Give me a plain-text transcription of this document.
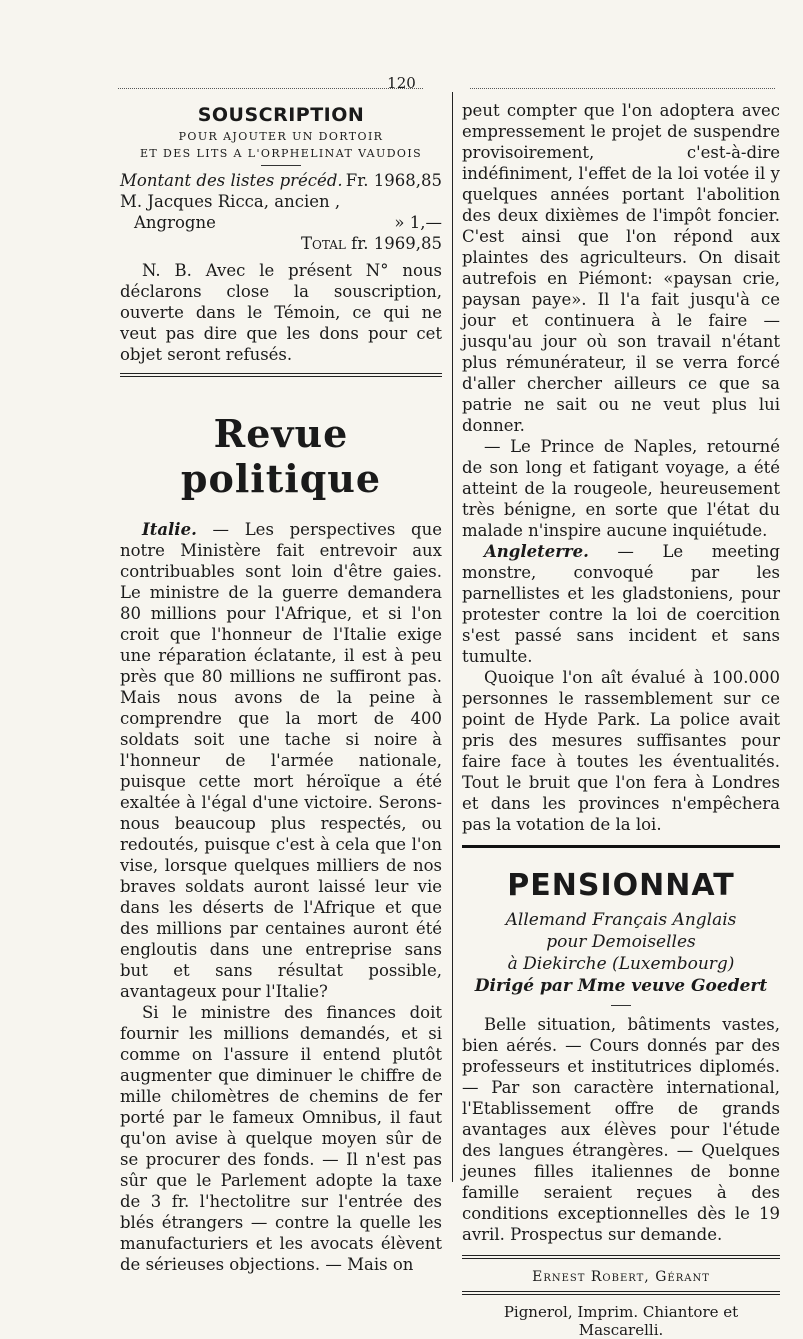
120
SOUSCRIPTION
POUR AJOUTER UN DORTOIR
ET DES LITS A L'ORPHELINAT VAUDOIS
Montant des listes précéd. Fr. 1968,85
M. Jacques Ricca, ancien ,
Angrogne	» 1,—
Total fr. 1969,85

N. B. Avec le présent N° nous déclarons close la souscription, ouverte dans le Témoin, ce qui ne veut pas dire que les dons pour cet objet seront refusés.

Revue politique

Italie. — Les perspectives que notre Ministère fait entrevoir aux contribuables sont loin d'être gaies. Le ministre de la guerre demandera 80 millions pour l'Afrique, et si l'on croit que l'honneur de l'Italie exige une réparation éclatante, il est à peu près que 80 millions ne suffiront pas. Mais nous avons de la peine à comprendre que la mort de 400 soldats soit une tache si noire à l'honneur de l'armée nationale, puisque cette mort héroïque a été exaltée à l'égal d'une victoire. Serons-nous beaucoup plus respectés, ou redoutés, puisque c'est à cela que l'on vise, lorsque quelques milliers de nos braves soldats auront laissé leur vie dans les déserts de l'Afrique et que des millions par centaines auront été engloutis dans une entreprise sans but et sans résultat possible, avantageux pour l'Italie?

Si le ministre des finances doit fournir les millions demandés, et si comme on l'assure il entend plutôt augmenter que diminuer le chiffre de mille chilomètres de chemins de fer porté par le fameux Omnibus, il faut qu'on avise à quelque moyen sûr de se procurer des fonds. — Il n'est pas sûr que le Parlement adopte la taxe de 3 fr. l'hectolitre sur l'entrée des blés étrangers — contre la quelle les manufacturiers et les avocats élèvent de sérieuses objections. — Mais on

peut compter que l'on adoptera avec empressement le projet de suspendre provisoirement, c'est-à-dire indéfiniment, l'effet de la loi votée il y quelques années portant l'abolition des deux dixièmes de l'impôt foncier. C'est ainsi que l'on répond aux plaintes des agriculteurs. On disait autrefois en Piémont: «paysan crie, paysan paye». Il l'a fait jusqu'à ce jour et continuera à le faire — jusqu'au jour où son travail n'étant plus rémunérateur, il se verra forcé d'aller chercher ailleurs ce que sa patrie ne sait ou ne veut plus lui donner.

— Le Prince de Naples, retourné de son long et fatigant voyage, a été atteint de la rougeole, heureusement très bénigne, en sorte que l'état du malade n'inspire aucune inquiétude.

Angleterre. — Le meeting monstre, convoqué par les parnellistes et les gladstoniens, pour protester contre la loi de coercition s'est passé sans incident et sans tumulte.

Quoique l'on aît évalué à 100.000 personnes le rassemblement sur ce point de Hyde Park. La police avait pris des mesures suffisantes pour faire face à toutes les éventualités. Tout le bruit que l'on fera à Londres et dans les provinces n'empêchera pas la votation de la loi.

PENSIONNAT
Allemand Français Anglais
pour Demoiselles
à Diekirche (Luxembourg)
Dirigé par Mme veuve Goedert

Belle situation, bâtiments vastes, bien aérés. — Cours donnés par des professeurs et institutrices diplomés. — Par son caractère international, l'Etablissement offre de grands avantages aux élèves pour l'étude des langues étrangères. — Quelques jeunes filles italiennes de bonne famille seraient reçues à des conditions exceptionnelles dès le 19 avril. Prospectus sur demande.

Ernest Robert, Gérant
Pignerol, Imprim. Chiantore et Mascarelli.
